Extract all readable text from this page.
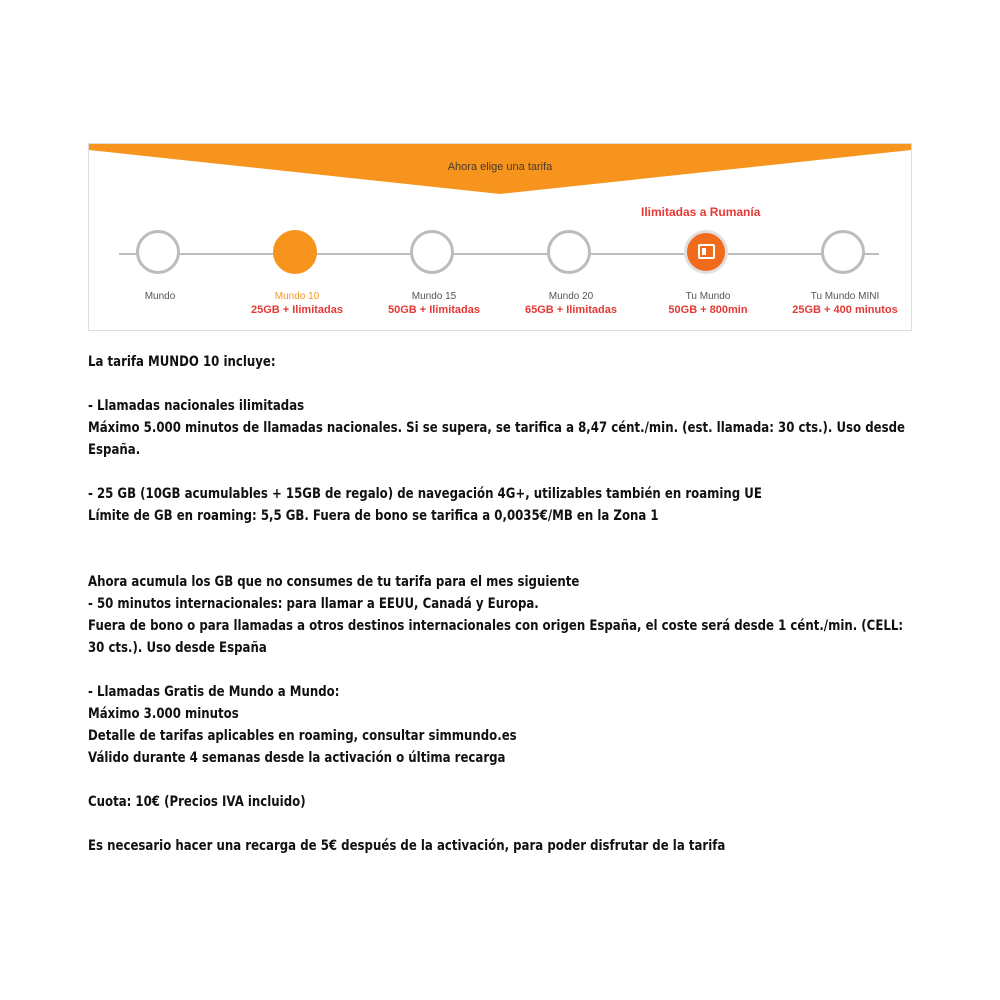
Ahora elige una tarifa
Ilimitadas a Rumanía
Mundo	Mundo 10
25GB + Ilimitadas
Mundo 15
50GB + Ilimitadas
Mundo 20
65GB + Ilimitadas
Tu Mundo
50GB + 800min
Tu Mundo MINI
25GB + 400 minutos

La tarifa MUNDO 10 incluye:

- Llamadas nacionales ilimitadas

Máximo 5.000 minutos de llamadas nacionales. Si se supera, se tarifica a 8,47 cént./min. (est. llamada: 30 cts.). Uso desde España.

- 25 GB (10GB acumulables + 15GB de regalo) de navegación 4G+, utilizables también en roaming UE

Límite de GB en roaming: 5,5 GB. Fuera de bono se tarifica a 0,0035€/MB en la Zona 1

Ahora acumula los GB que no consumes de tu tarifa para el mes siguiente

- 50 minutos internacionales: para llamar a EEUU, Canadá y Europa.

Fuera de bono o para llamadas a otros destinos internacionales con origen España, el coste será desde 1 cént./min. (CELL: 30 cts.). Uso desde España

- Llamadas Gratis de Mundo a Mundo:

Máximo 3.000 minutos

Detalle de tarifas aplicables en roaming, consultar simmundo.es

Válido durante 4 semanas desde la activación o última recarga

Cuota: 10€ (Precios IVA incluido)

Es necesario hacer una recarga de 5€ después de la activación, para poder disfrutar de la tarifa
